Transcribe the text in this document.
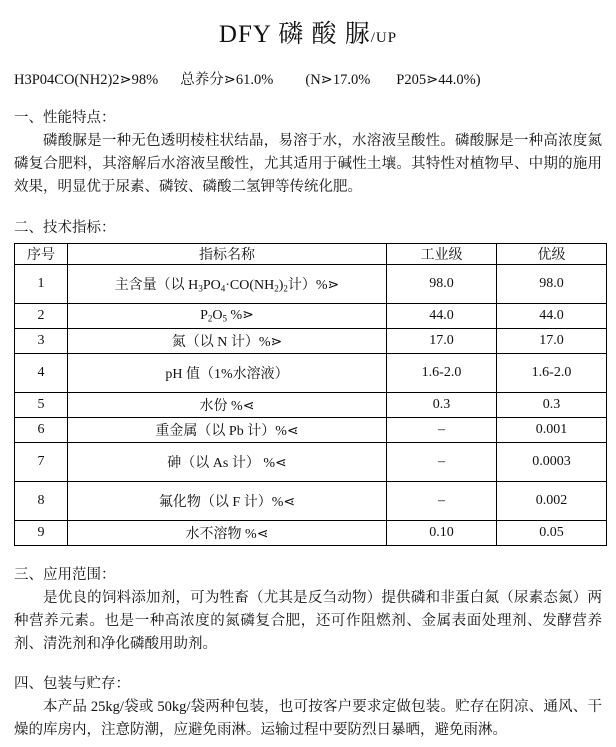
DFY 磷 酸 脲/UP
H3P04CO(NH2)2⋗98% 总养分⋗61.0% (N⋗17.0% P205⋗44.0%)
一、性能特点：
磷酸脲是一种无色透明棱柱状结晶，易溶于水，水溶液呈酸性。磷酸脲是一种高浓度氮磷复合肥料，其溶解后水溶液呈酸性，尤其适用于碱性土壤。其特性对植物早、中期的施用效果，明显优于尿素、磷铵、磷酸二氢钾等传统化肥。
二、技术指标：
序号	指标名称	工业级	优级
1	主含量（以 $H_3PO_4\cdot CO(NH_2)_2$计）%⋗	98.0	98.0
2	$P_2O_5$ %⋗	44.0	44.0
3	氮（以 N 计）%⋗	17.0	17.0
4	pH 值（1%水溶液）	1.6-2.0	1.6-2.0
5	水份 %⋖	0.3	0.3
6	重金属（以 Pb 计）%⋖	–	0.001
7	砷（以 As 计） %⋖	–	0.0003
8	氟化物（以 F 计）%⋖	–	0.002
9	水不溶物 %⋖	0.10	0.05
三、应用范围：
是优良的饲料添加剂，可为牲畜（尤其是反刍动物）提供磷和非蛋白氮（尿素态氮）两种营养元素。也是一种高浓度的氮磷复合肥，还可作阻燃剂、金属表面处理剂、发酵营养剂、清洗剂和净化磷酸用助剂。
四、包装与贮存：
本产品 25kg/袋或 50kg/袋两种包装，也可按客户要求定做包装。贮存在阴凉、通风、干燥的库房内，注意防潮，应避免雨淋。运输过程中要防烈日暴晒，避免雨淋。
